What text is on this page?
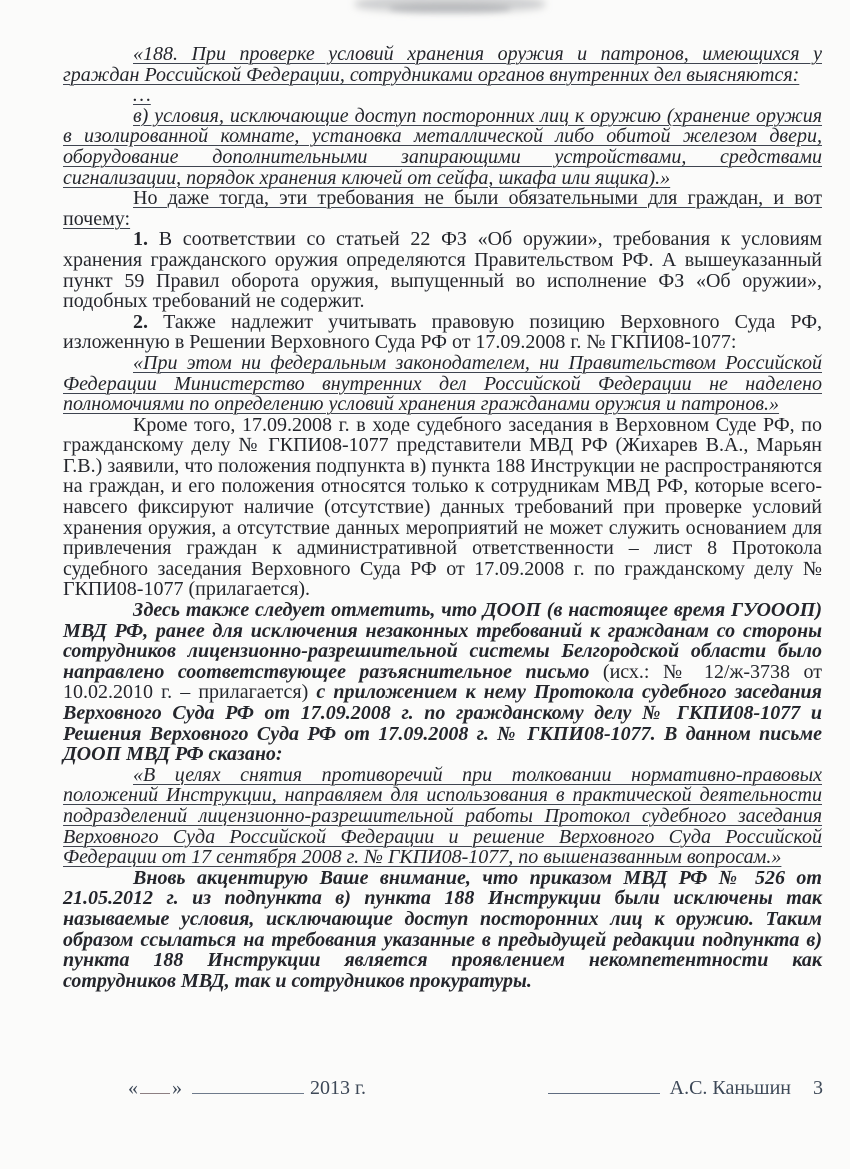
«188. При проверке условий хранения оружия и патронов, имеющихся у граждан Российской Федерации, сотрудниками органов внутренних дел выясняются:

…

в) условия, исключающие доступ посторонних лиц к оружию (хранение оружия в изолированной комнате, установка металлической либо обитой железом двери, оборудование дополнительными запирающими устройствами, средствами сигнализации, порядок хранения ключей от сейфа, шкафа или ящика).»

Но даже тогда, эти требования не были обязательными для граждан, и вот почему:

1. В соответствии со статьей 22 ФЗ «Об оружии», требования к условиям хранения гражданского оружия определяются Правительством РФ. А вышеуказанный пункт 59 Правил оборота оружия, выпущенный во исполнение ФЗ «Об оружии», подобных требований не содержит.

2. Также надлежит учитывать правовую позицию Верховного Суда РФ, изложенную в Решении Верховного Суда РФ от 17.09.2008 г. № ГКПИ08-1077:

«При этом ни федеральным законодателем, ни Правительством Российской Федерации Министерство внутренних дел Российской Федерации не наделено полномочиями по определению условий хранения гражданами оружия и патронов.»

Кроме того, 17.09.2008 г. в ходе судебного заседания в Верховном Суде РФ, по гражданскому делу № ГКПИ08-1077 представители МВД РФ (Жихарев В.А., Марьян Г.В.) заявили, что положения подпункта в) пункта 188 Инструкции не распространяются на граждан, и его положения относятся только к сотрудникам МВД РФ, которые всего-навсего фиксируют наличие (отсутствие) данных требований при проверке условий хранения оружия, а отсутствие данных мероприятий не может служить основанием для привлечения граждан к административной ответственности – лист 8 Протокола судебного заседания Верховного Суда РФ от 17.09.2008 г. по гражданскому делу № ГКПИ08-1077 (прилагается).

Здесь также следует отметить, что ДООП (в настоящее время ГУОООП) МВД РФ, ранее для исключения незаконных требований к гражданам со стороны сотрудников лицензионно-разрешительной системы Белгородской области было направлено соответствующее разъяснительное письмо (исх.: № 12/ж-3738 от 10.02.2010 г. – прилагается) с приложением к нему Протокола судебного заседания Верховного Суда РФ от 17.09.2008 г. по гражданскому делу № ГКПИ08-1077 и Решения Верховного Суда РФ от 17.09.2008 г. № ГКПИ08-1077. В данном письме ДООП МВД РФ сказано:

«В целях снятия противоречий при толковании нормативно-правовых положений Инструкции, направляем для использования в практической деятельности подразделений лицензионно-разрешительной работы Протокол судебного заседания Верховного Суда Российской Федерации и решение Верховного Суда Российской Федерации от 17 сентября 2008 г. № ГКПИ08-1077, по вышеназванным вопросам.»

Вновь акцентирую Ваше внимание, что приказом МВД РФ № 526 от 21.05.2012 г. из подпункта в) пункта 188 Инструкции были исключены так называемые условия, исключающие доступ посторонних лиц к оружию. Таким образом ссылаться на требования указанные в предыдущей редакции подпункта в) пункта 188 Инструкции является проявлением некомпетентности как сотрудников МВД, так и сотрудников прокуратуры.

« »	2013 г.	А.С. Каньшин 3
